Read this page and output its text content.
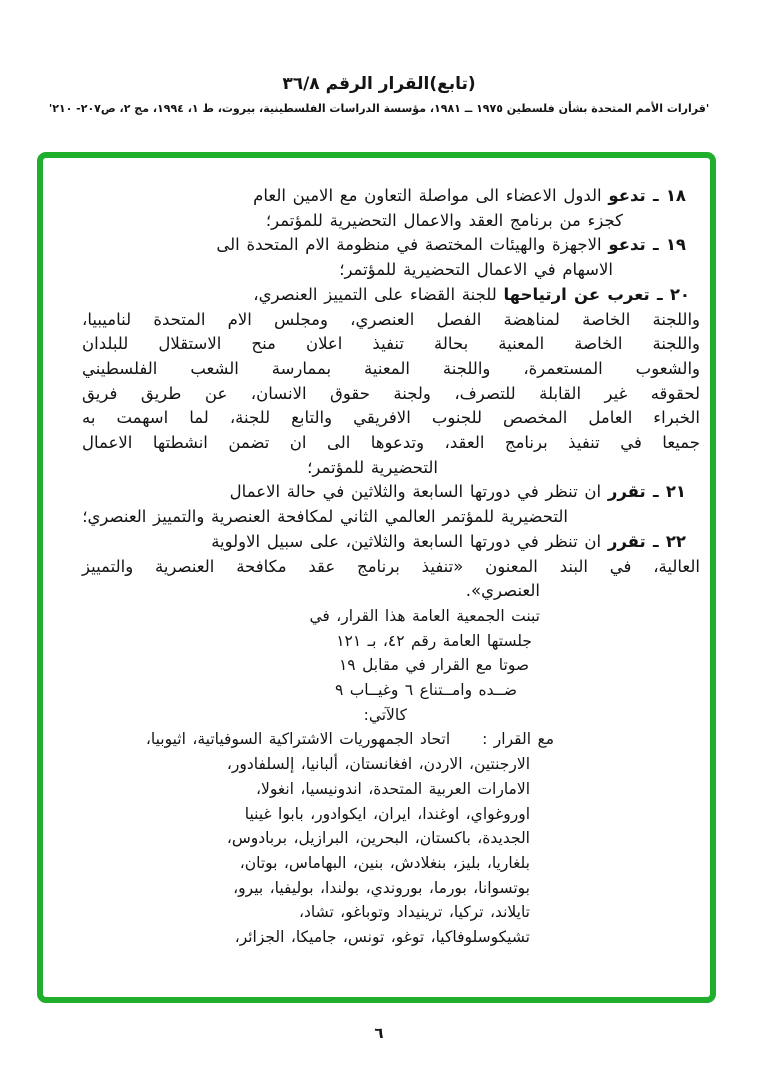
(تابع)القرار الرقم ٣٦/٨
'قرارات الأمم المتحدة بشأن فلسطين ١٩٧٥ ــ ١٩٨١، مؤسسة الدراسات الفلسطينية، بيروت، ط ١، ١٩٩٤، مج ٢، ص٢٠٧- ٢١٠'
١٨ ـ تدعو الدول الاعضاء الى مواصلة التعاون مع الامين العام
كجزء من برنامج العقد والاعمال التحضيرية للمؤتمر؛
١٩ ـ تدعو الاجهزة والهيئات المختصة في منظومة الام المتحدة الى
الاسهام في الاعمال التحضيرية للمؤتمر؛
٢٠ ـ تعرب عن ارتياحها للجنة القضاء على التمييز العنصري،
واللجنة الخاصة لمناهضة الفصل العنصري، ومجلس الام المتحدة لناميبيا،
واللجنة الخاصة المعنية بحالة تنفيذ اعلان منح الاستقلال للبلدان
والشعوب المستعمرة، واللجنة المعنية بممارسة الشعب الفلسطيني
لحقوقه غير القابلة للتصرف، ولجنة حقوق الانسان، عن طريق فريق
الخبراء العامل المخصص للجنوب الافريقي والتابع للجنة، لما اسهمت به
جميعا في تنفيذ برنامج العقد، وتدعوها الى ان تضمن انشطتها الاعمال
التحضيرية للمؤتمر؛
٢١ ـ تقرر ان تنظر في دورتها السابعة والثلاثين في حالة الاعمال
التحضيرية للمؤتمر العالمي الثاني لمكافحة العنصرية والتمييز العنصري؛
٢٢ ـ تقرر ان تنظر في دورتها السابعة والثلاثين، على سبيل الاولوية
العالية، في البند المعنون «تنفيذ برنامج عقد مكافحة العنصرية والتمييز
العنصري».
تبنت الجمعية العامة هذا القرار، في
جلستها العامة رقم ٤٢، بـ ١٢١
صوتا مع القرار في مقابل ١٩
ضــده وامــتناع ٦ وغيــاب ٩
كالآتي:
مع القرار :اتحاد الجمهوريات الاشتراكية السوفياتية، اثيوبيا،
الارجنتين، الاردن، افغانستان، ألبانيا، إلسلفادور،
الامارات العربية المتحدة، اندونيسيا، انغولا،
اوروغواي، اوغندا، ايران، ايكوادور، بابوا غينيا
الجديدة، باكستان، البحرين، البرازيل، بربادوس،
بلغاريا، بليز، بنغلادش، بنين، البهاماس، بوتان،
بوتسوانا، بورما، بوروندي، بولندا، بوليفيا، بيرو،
تايلاند، تركيا، ترينيداد وتوباغو، تشاد،
تشيكوسلوفاكيا، توغو، تونس، جاميكا، الجزائر،
٦
